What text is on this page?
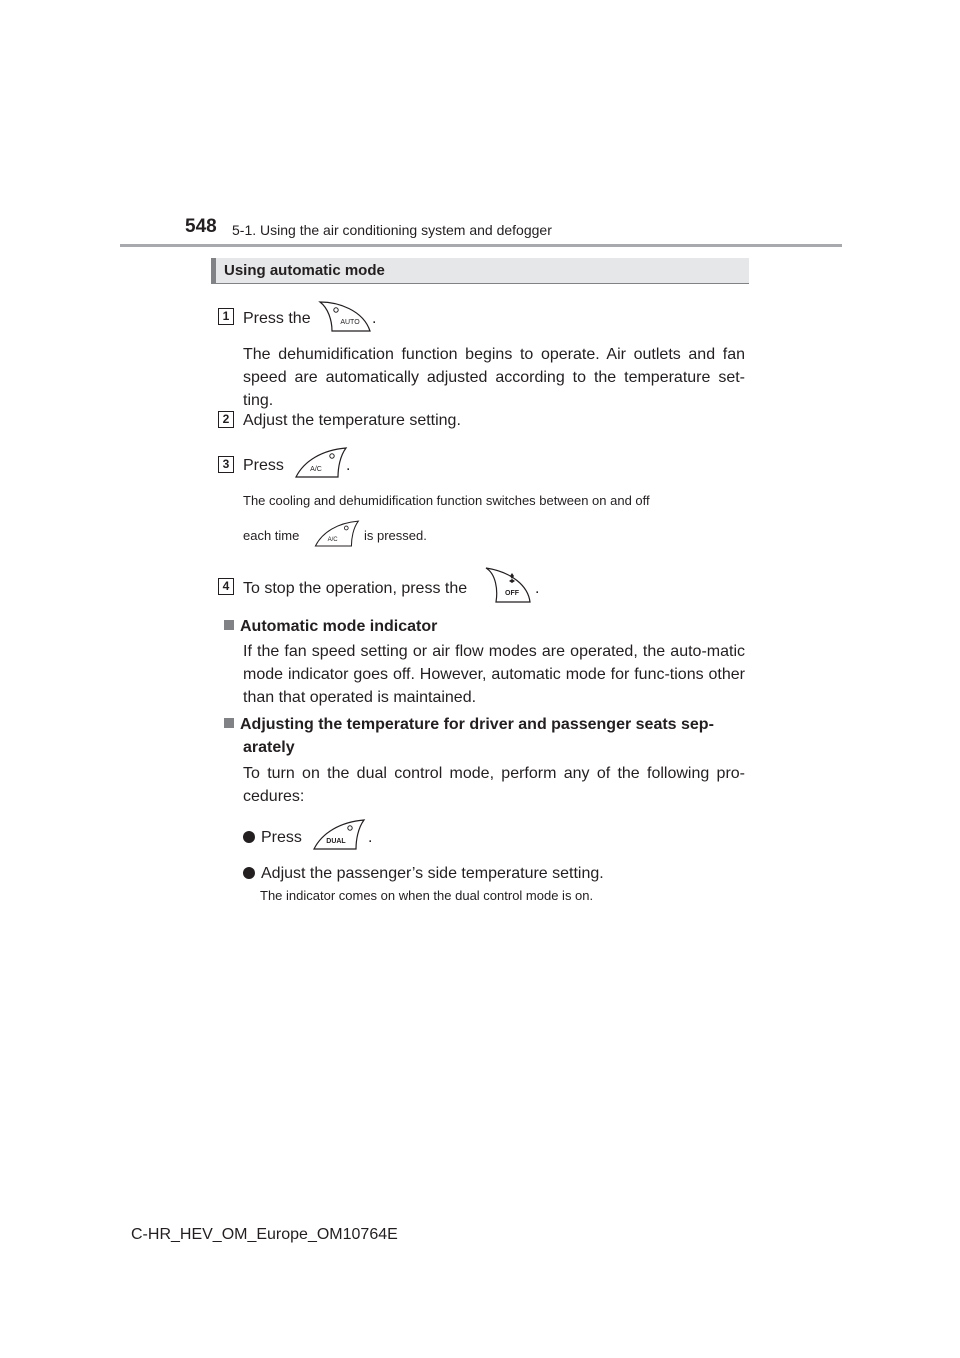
548 5-1. Using the air conditioning system and defogger
Using automatic mode
1 Press the	AUTO .
The dehumidification function begins to operate. Air outlets and fan speed are automatically adjusted according to the temperature set-ting.
2 Adjust the temperature setting.
3 Press	A/C .
The cooling and dehumidification function switches between on and off
each time	A/C is pressed.
4 To stop the operation, press the	OFF .
Automatic mode indicator
If the fan speed setting or air flow modes are operated, the auto-matic mode indicator goes off. However, automatic mode for func-tions other than that operated is maintained.
Adjusting the temperature for driver and passenger seats sep-
arately
To turn on the dual control mode, perform any of the following pro-cedures:
Press	DUAL .
Adjust the passenger’s side temperature setting.
The indicator comes on when the dual control mode is on.
C-HR_HEV_OM_Europe_OM10764E
